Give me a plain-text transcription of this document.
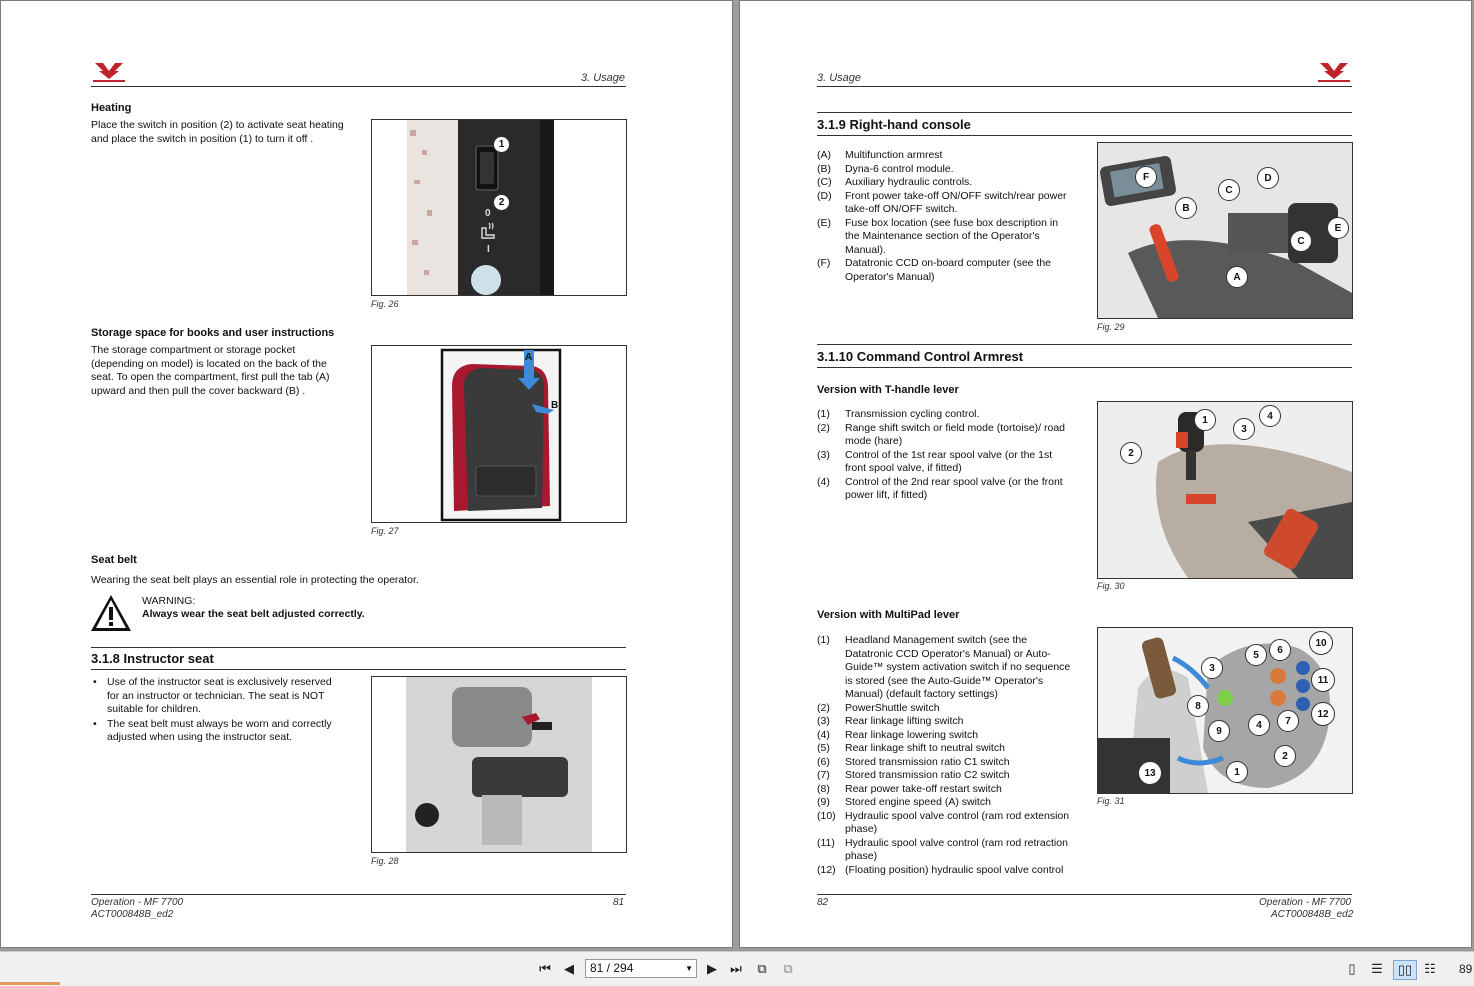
3. Usage
Heating
Place the switch in position (2) to activate seat heating and place the switch in position (1) to turn it off .	1
2
0
I
Fig. 26
Storage space for books and user instructions
The storage compartment or storage pocket (depending on model) is located on the back of the seat. To open the compartment, first pull the tab (A) upward and then pull the cover backward (B) .
A
B
Fig. 27
Seat belt
Wearing the seat belt plays an essential role in protecting the operator.
WARNING:
Always wear the seat belt adjusted correctly.
3.1.8 Instructor seat
• Use of the instructor seat is exclusively reserved for an instructor or technician. The seat is NOT suitable for children.
• The seat belt must always be worn and correctly adjusted when using the instructor seat.
Fig. 28
Operation - MF 7700
ACT000848B_ed2
81
3. Usage
3.1.9 Right-hand console
(A)	Multifunction armrest
(B)	Dyna-6 control module.
(C)	Auxiliary hydraulic controls.
(D)	Front power take-off ON/OFF switch/rear power take-off ON/OFF switch.
(E)	Fuse box location (see fuse box description in the Maintenance section of the Operator's Manual).
(F)	Datatronic CCD on-board computer (see the Operator's Manual)
F	D
C
B
C
E
A
Fig. 29
3.1.10 Command Control Armrest
Version with T-handle lever
(1)	Transmission cycling control.
(2)	Range shift switch or field mode (tortoise)/ road mode (hare)
(3)	Control of the 1st rear spool valve (or the 1st front spool valve, if fitted)
(4)	Control of the 2nd rear spool valve (or the front power lift, if fitted)
1
2
3
4
Fig. 30
Version with MultiPad lever
(1)	Headland Management switch (see the Datatronic CCD Operator's Manual) or Auto-Guide™ system activation switch if no sequence is stored (see the Auto-Guide™ Operator's Manual) (default factory settings)
(2)	PowerShuttle switch
(3)	Rear linkage lifting switch
(4)	Rear linkage lowering switch
(5)	Rear linkage shift to neutral switch
(6)	Stored transmission ratio C1 switch
(7)	Stored transmission ratio C2 switch
(8)	Rear power take-off restart switch
(9)	Stored engine speed (A) switch
(10) Hydraulic spool valve control (ram rod extension phase)
(11) Hydraulic spool valve control (ram rod retraction phase)
(12) (Floating position) hydraulic spool valve control
3
5	6
10
11
8
12
9
4	7
2
1
13
Fig. 31
82	Operation - MF 7700
ACT000848B_ed2
⏮	◀	81 / 294	▼	▶	⏭	⧉	⧉	▯	☰	▯▯ ☷ 89
